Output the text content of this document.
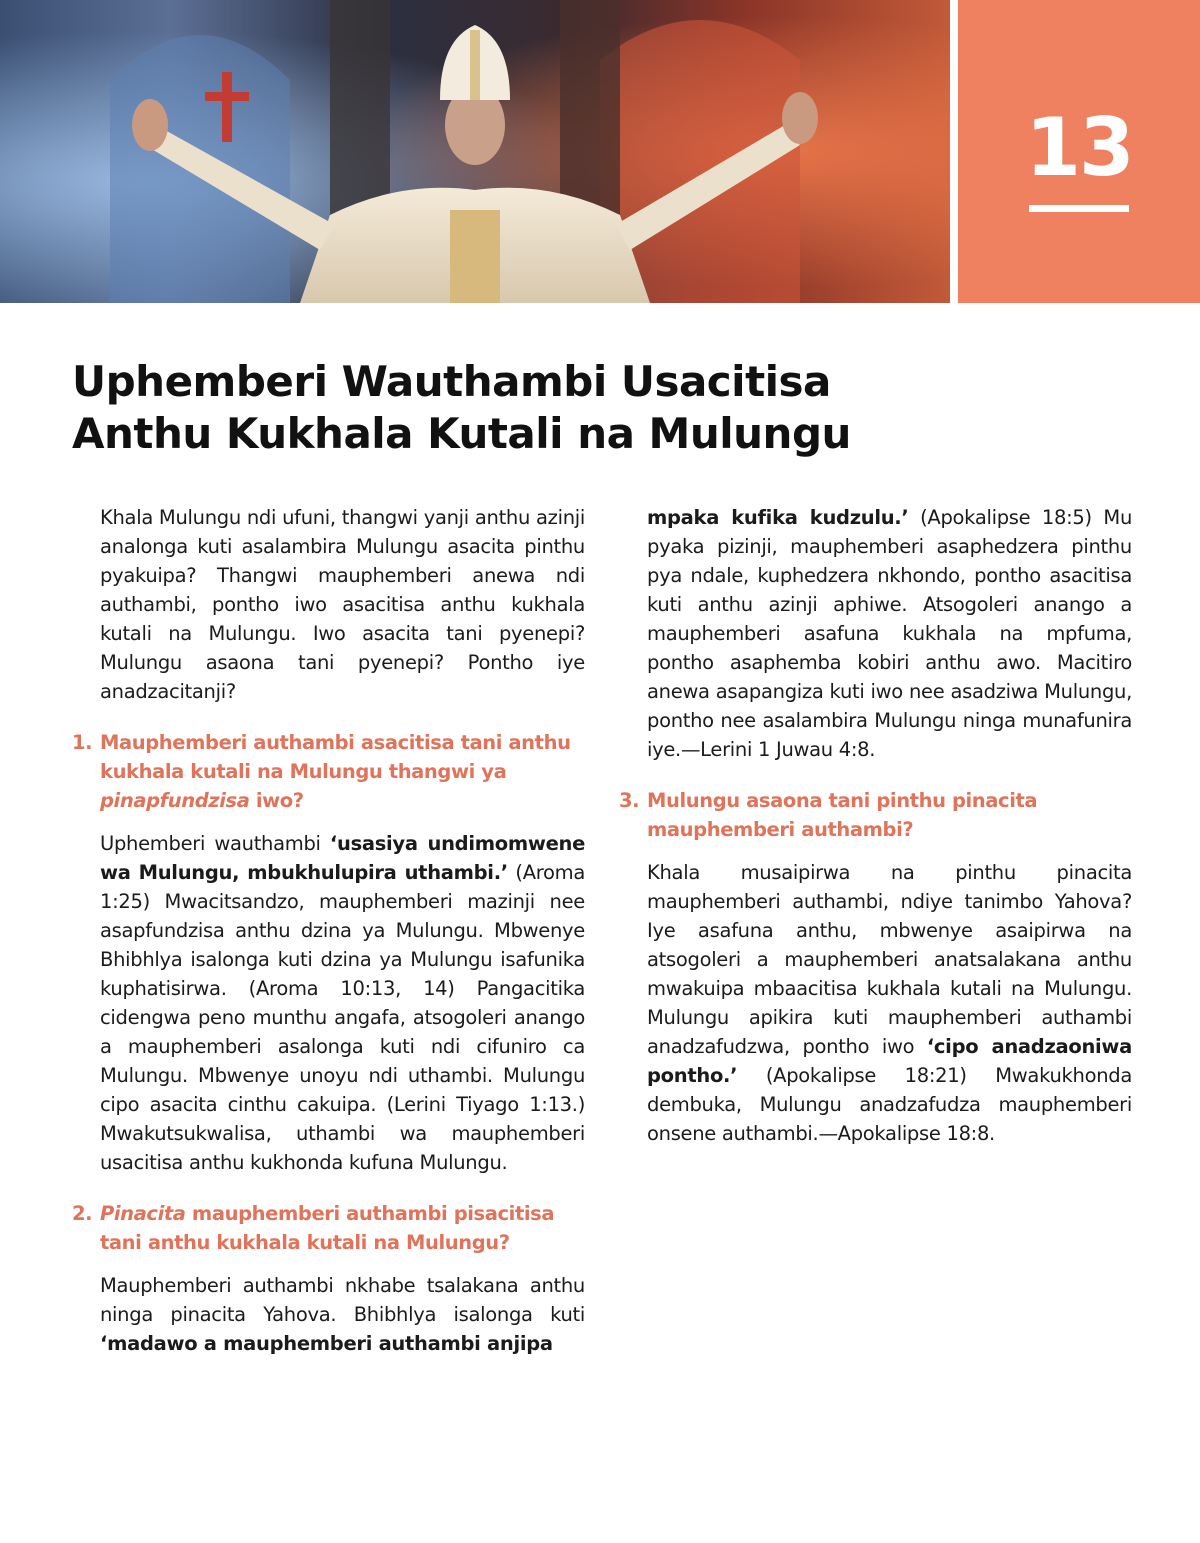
13
Uphemberi Wauthambi Usacitisa
Anthu Kukhala Kutali na Mulungu

Khala Mulungu ndi ufuni, thangwi yanji anthu azinji analonga kuti asalambira Mulungu asacita pinthu pyakuipa? Thangwi mauphemberi anewa ndi authambi, pontho iwo asacitisa anthu kukhala kutali na Mulungu. Iwo asacita tani pyenepi? Mulungu asaona tani pyenepi? Pontho iye anadzacitanji?

1. Mauphemberi authambi asacitisa tani anthu kukhala kutali na Mulungu thangwi ya pinapfundzisa iwo?

Uphemberi wauthambi ‘usasiya undimomwene wa Mulungu, mbukhulupira uthambi.’ (Aroma 1:25) Mwacitsandzo, mauphemberi mazinji nee asapfundzisa anthu dzina ya Mulungu. Mbwenye Bhibhlya isalonga kuti dzina ya Mulungu isafunika kuphatisirwa. (Aroma 10:13, 14) Pangacitika cidengwa peno munthu angafa, atsogoleri anango a mauphemberi asalonga kuti ndi cifuniro ca Mulungu. Mbwenye unoyu ndi uthambi. Mulungu cipo asacita cinthu cakuipa. (Lerini Tiyago 1:13.) Mwakutsukwalisa, uthambi wa mauphemberi usacitisa anthu kukhonda kufuna Mulungu.

2. Pinacita mauphemberi authambi pisacitisa tani anthu kukhala kutali na Mulungu?

Mauphemberi authambi nkhabe tsalakana anthu ninga pinacita Yahova. Bhibhlya isalonga kuti ‘madawo a mauphemberi authambi anjipa

mpaka kufika kudzulu.’ (Apokalipse 18:5) Mu pyaka pizinji, mauphemberi asaphedzera pinthu pya ndale, kuphedzera nkhondo, pontho asacitisa kuti anthu azinji aphiwe. Atsogoleri anango a mauphemberi asafuna kukhala na mpfuma, pontho asaphemba kobiri anthu awo. Macitiro anewa asapangiza kuti iwo nee asadziwa Mulungu, pontho nee asalambira Mulungu ninga munafunira iye.—Lerini 1 Juwau 4:8.

3. Mulungu asaona tani pinthu pinacita mauphemberi authambi?

Khala musaipirwa na pinthu pinacita mauphemberi authambi, ndiye tanimbo Yahova? Iye asafuna anthu, mbwenye asaipirwa na atsogoleri a mauphemberi anatsalakana anthu mwakuipa mbaacitisa kukhala kutali na Mulungu. Mulungu apikira kuti mauphemberi authambi anadzafudzwa, pontho iwo ‘cipo anadzaoniwa pontho.’ (Apokalipse 18:21) Mwakukhonda dembuka, Mulungu anadzafudza mauphemberi onsene authambi.—Apokalipse 18:8.
